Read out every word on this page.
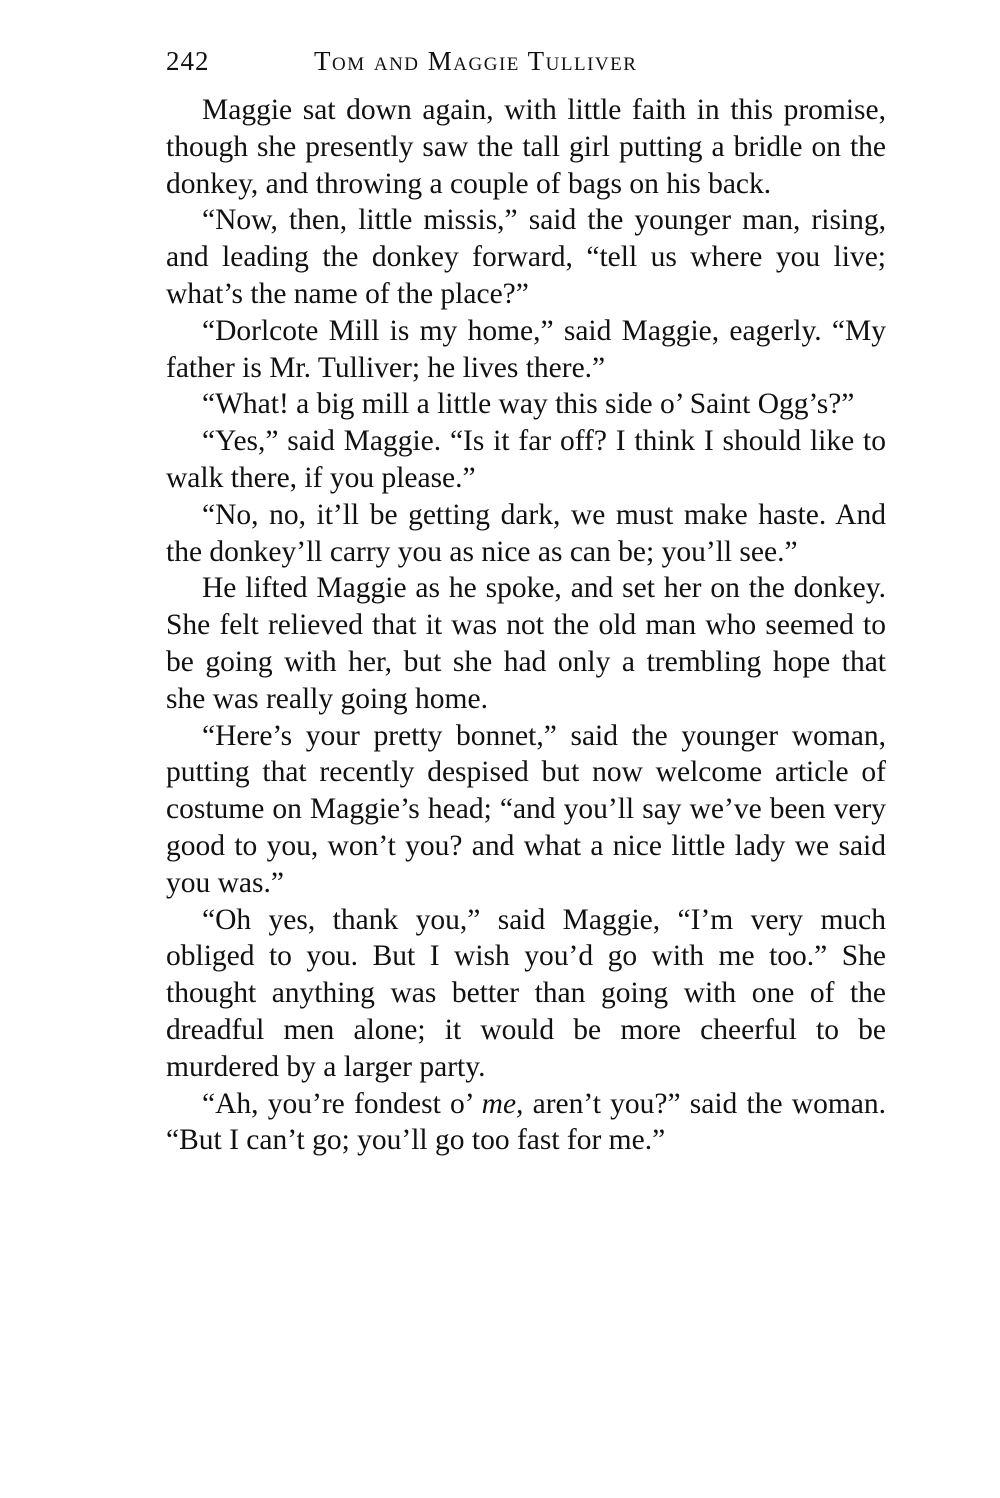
242	Tom and Maggie Tulliver

Maggie sat down again, with little faith in this promise, though she presently saw the tall girl putting a bridle on the donkey, and throwing a couple of bags on his back.

“Now, then, little missis,” said the younger man, rising, and leading the donkey forward, “tell us where you live; what’s the name of the place?”

“Dorlcote Mill is my home,” said Maggie, eagerly. “My father is Mr. Tulliver; he lives there.”

“What! a big mill a little way this side o’ Saint Ogg’s?”

“Yes,” said Maggie. “Is it far off? I think I should like to walk there, if you please.”

“No, no, it’ll be getting dark, we must make haste. And the donkey’ll carry you as nice as can be; you’ll see.”

He lifted Maggie as he spoke, and set her on the donkey. She felt relieved that it was not the old man who seemed to be going with her, but she had only a trembling hope that she was really going home.

“Here’s your pretty bonnet,” said the younger woman, putting that recently despised but now welcome article of costume on Maggie’s head; “and you’ll say we’ve been very good to you, won’t you? and what a nice little lady we said you was.”

“Oh yes, thank you,” said Maggie, “I’m very much obliged to you. But I wish you’d go with me too.” She thought anything was better than going with one of the dreadful men alone; it would be more cheerful to be murdered by a larger party.

“Ah, you’re fondest o’ me, aren’t you?” said the woman. “But I can’t go; you’ll go too fast for me.”
